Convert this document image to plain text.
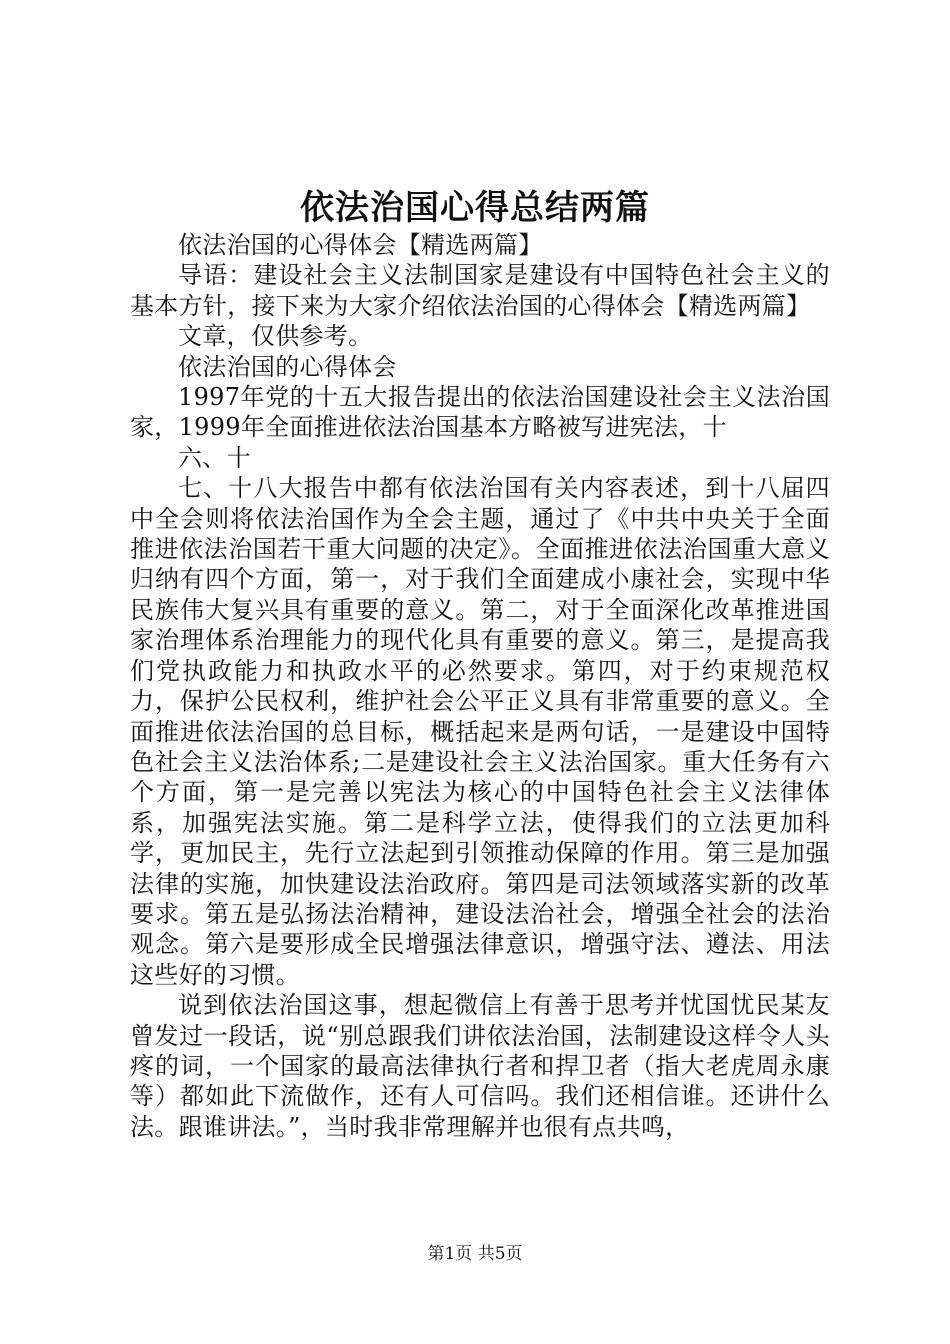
依法治国心得总结两篇

依法治国的心得体会【精选两篇】

导语：建设社会主义法制国家是建设有中国特色社会主义的基本方针，接下来为大家介绍依法治国的心得体会【精选两篇】

文章，仅供参考。

依法治国的心得体会

1997年党的十五大报告提出的依法治国建设社会主义法治国家，1999年全面推进依法治国基本方略被写进宪法，十

六、十

七、十八大报告中都有依法治国有关内容表述，到十八届四中全会则将依法治国作为全会主题，通过了《中共中央关于全面推进依法治国若干重大问题的决定》。全面推进依法治国重大意义归纳有四个方面，第一，对于我们全面建成小康社会，实现中华民族伟大复兴具有重要的意义。第二，对于全面深化改革推进国家治理体系治理能力的现代化具有重要的意义。第三，是提高我们党执政能力和执政水平的必然要求。第四，对于约束规范权力，保护公民权利，维护社会公平正义具有非常重要的意义。全面推进依法治国的总目标，概括起来是两句话，一是建设中国特色社会主义法治体系;二是建设社会主义法治国家。重大任务有六个方面，第一是完善以宪法为核心的中国特色社会主义法律体系，加强宪法实施。第二是科学立法，使得我们的立法更加科学，更加民主，先行立法起到引领推动保障的作用。第三是加强法律的实施，加快建设法治政府。第四是司法领域落实新的改革要求。第五是弘扬法治精神，建设法治社会，增强全社会的法治观念。第六是要形成全民增强法律意识，增强守法、遵法、用法这些好的习惯。

说到依法治国这事，想起微信上有善于思考并忧国忧民某友曾发过一段话，说“别总跟我们讲依法治国，法制建设这样令人头疼的词，一个国家的最高法律执行者和捍卫者（指大老虎周永康等）都如此下流做作，还有人可信吗。我们还相信谁。还讲什么法。跟谁讲法。”，当时我非常理解并也很有点共鸣，

第1页 共5页
